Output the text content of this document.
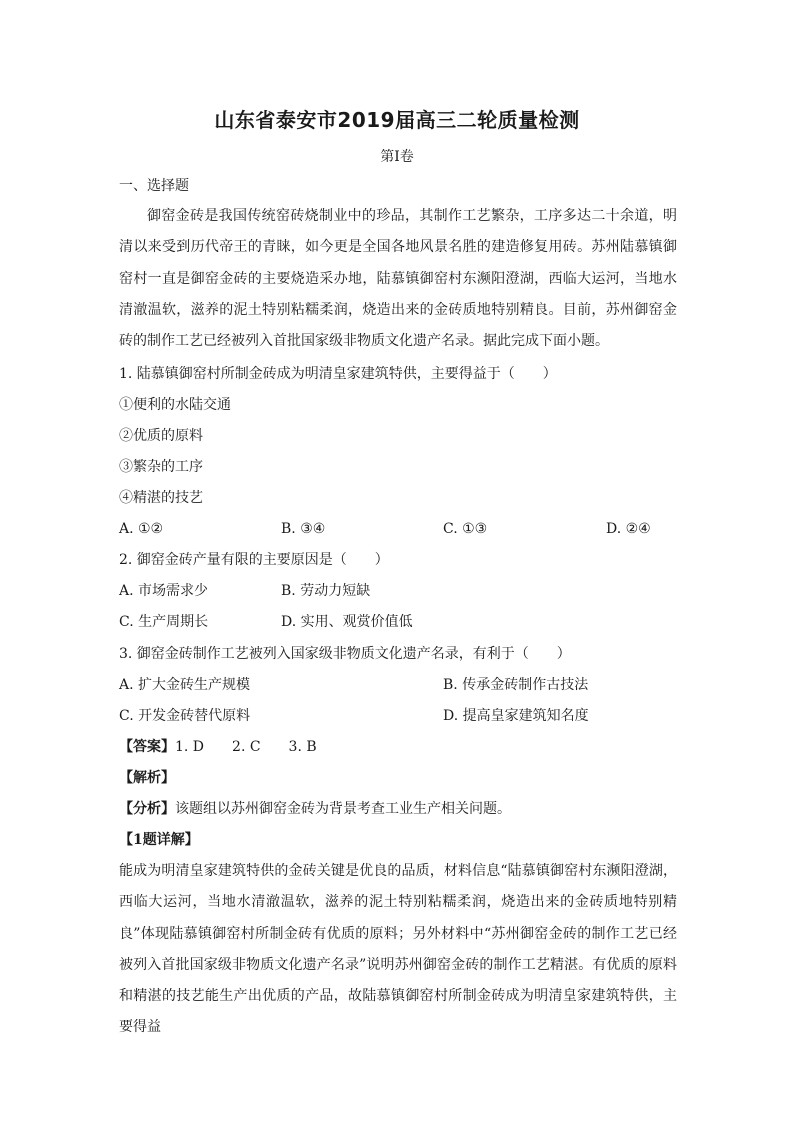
山东省泰安市2019届高三二轮质量检测
第I卷
一、选择题
御窑金砖是我国传统窑砖烧制业中的珍品，其制作工艺繁杂，工序多达二十余道，明清以来受到历代帝王的青睐，如今更是全国各地风景名胜的建造修复用砖。苏州陆慕镇御窑村一直是御窑金砖的主要烧造采办地，陆慕镇御窑村东濒阳澄湖，西临大运河，当地水清澈温软，滋养的泥土特别粘糯柔润，烧造出来的金砖质地特别精良。目前，苏州御窑金砖的制作工艺已经被列入首批国家级非物质文化遗产名录。据此完成下面小题。
1. 陆慕镇御窑村所制金砖成为明清皇家建筑特供，主要得益于（　　）
①便利的水陆交通
②优质的原料
③繁杂的工序
④精湛的技艺
A. ①②	B. ③④	C. ①③	D. ②④
2. 御窑金砖产量有限的主要原因是（　　）
A. 市场需求少	B. 劳动力短缺
C. 生产周期长	D. 实用、观赏价值低
3. 御窑金砖制作工艺被列入国家级非物质文化遗产名录，有利于（　　）
A. 扩大金砖生产规模	B. 传承金砖制作古技法
C. 开发金砖替代原料	D. 提高皇家建筑知名度
【答案】1. D　　2. C　　3. B
【解析】
【分析】该题组以苏州御窑金砖为背景考查工业生产相关问题。
【1题详解】
能成为明清皇家建筑特供的金砖关键是优良的品质，材料信息“陆慕镇御窑村东濒阳澄湖，西临大运河，当地水清澈温软，滋养的泥土特别粘糯柔润，烧造出来的金砖质地特别精良”体现陆慕镇御窑村所制金砖有优质的原料；另外材料中“苏州御窑金砖的制作工艺已经被列入首批国家级非物质文化遗产名录”说明苏州御窑金砖的制作工艺精湛。有优质的原料和精湛的技艺能生产出优质的产品，故陆慕镇御窑村所制金砖成为明清皇家建筑特供，主要得益
